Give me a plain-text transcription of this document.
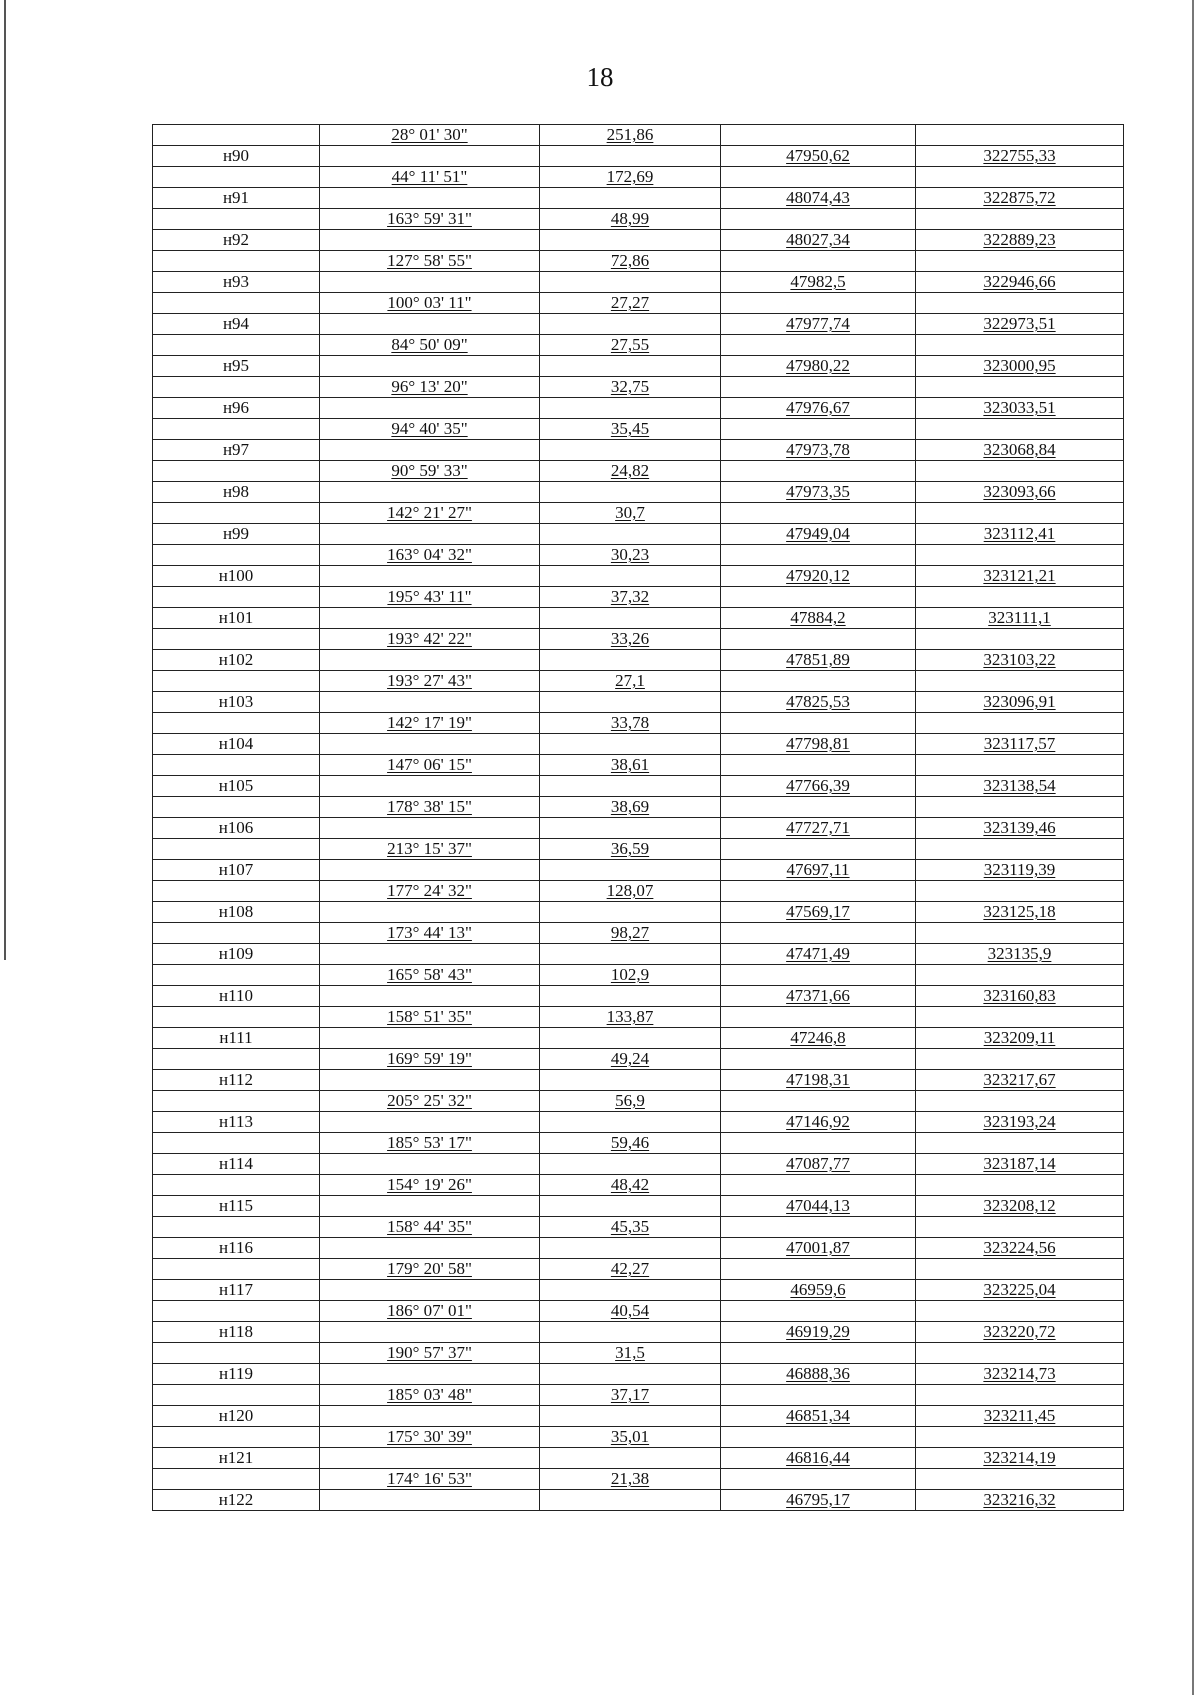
18
	28° 01' 30"	251,86		
н90			47950,62	322755,33
	44° 11' 51"	172,69		
н91			48074,43	322875,72
	163° 59' 31"	48,99		
н92			48027,34	322889,23
	127° 58' 55"	72,86		
н93			47982,5	322946,66
	100° 03' 11"	27,27		
н94			47977,74	322973,51
	84° 50' 09"	27,55		
н95			47980,22	323000,95
	96° 13' 20"	32,75		
н96			47976,67	323033,51
	94° 40' 35"	35,45		
н97			47973,78	323068,84
	90° 59' 33"	24,82		
н98			47973,35	323093,66
	142° 21' 27"	30,7		
н99			47949,04	323112,41
	163° 04' 32"	30,23		
н100			47920,12	323121,21
	195° 43' 11"	37,32		
н101			47884,2	323111,1
	193° 42' 22"	33,26		
н102			47851,89	323103,22
	193° 27' 43"	27,1		
н103			47825,53	323096,91
	142° 17' 19"	33,78		
н104			47798,81	323117,57
	147° 06' 15"	38,61		
н105			47766,39	323138,54
	178° 38' 15"	38,69		
н106			47727,71	323139,46
	213° 15' 37"	36,59		
н107			47697,11	323119,39
	177° 24' 32"	128,07		
н108			47569,17	323125,18
	173° 44' 13"	98,27		
н109			47471,49	323135,9
	165° 58' 43"	102,9		
н110			47371,66	323160,83
	158° 51' 35"	133,87		
н111			47246,8	323209,11
	169° 59' 19"	49,24		
н112			47198,31	323217,67
	205° 25' 32"	56,9		
н113			47146,92	323193,24
	185° 53' 17"	59,46		
н114			47087,77	323187,14
	154° 19' 26"	48,42		
н115			47044,13	323208,12
	158° 44' 35"	45,35		
н116			47001,87	323224,56
	179° 20' 58"	42,27		
н117			46959,6	323225,04
	186° 07' 01"	40,54		
н118			46919,29	323220,72
	190° 57' 37"	31,5		
н119			46888,36	323214,73
	185° 03' 48"	37,17		
н120			46851,34	323211,45
	175° 30' 39"	35,01		
н121			46816,44	323214,19
	174° 16' 53"	21,38		
н122			46795,17	323216,32
